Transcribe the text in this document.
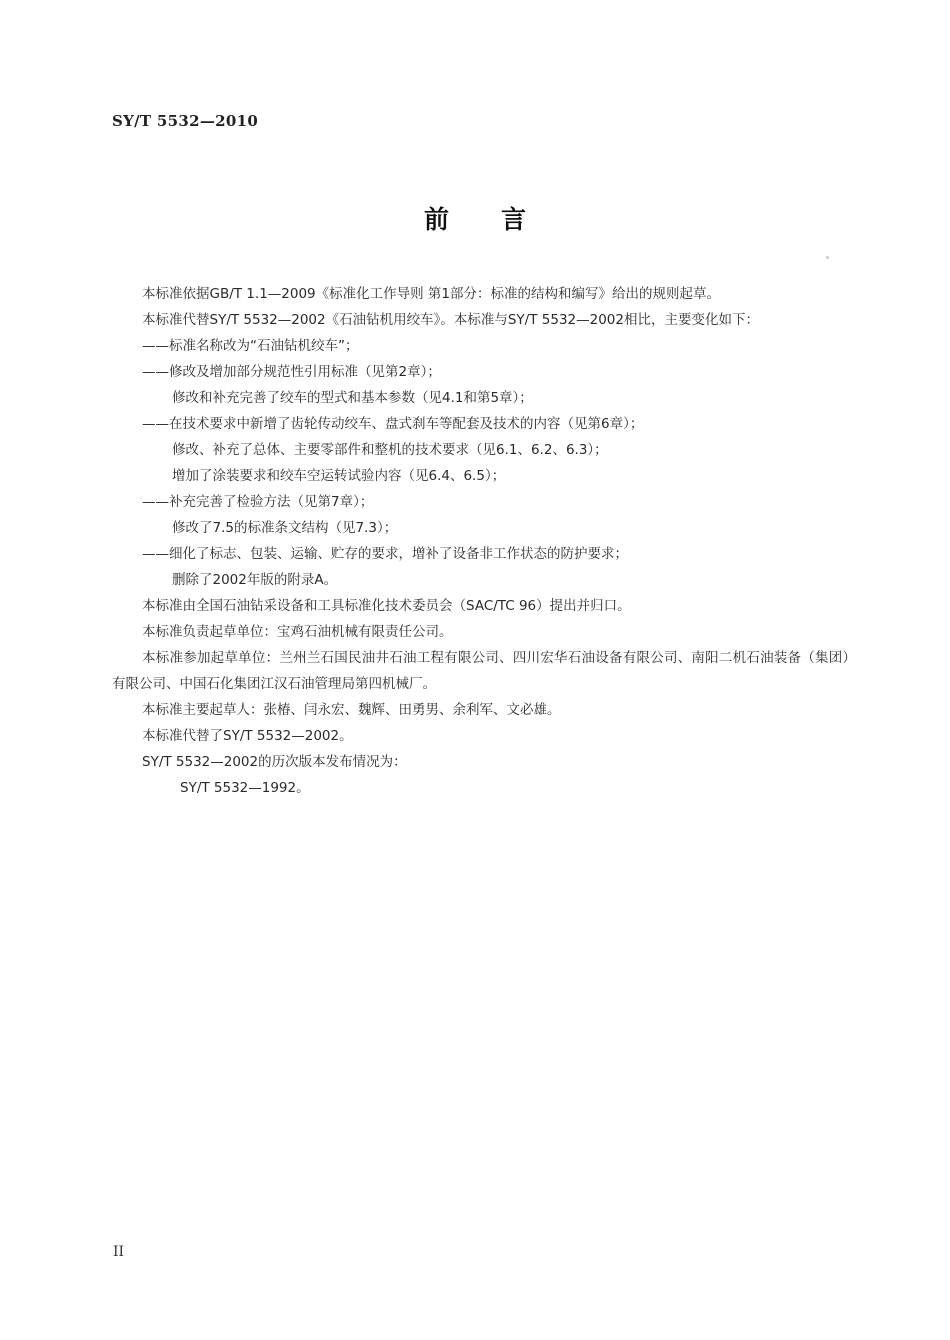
SY/T 5532—2010
前言

本标准依据GB/T 1.1—2009《标准化工作导则 第1部分：标准的结构和编写》给出的规则起草。

本标准代替SY/T 5532—2002《石油钻机用绞车》。本标准与SY/T 5532—2002相比，主要变化如下：

——标准名称改为“石油钻机绞车”；

——修改及增加部分规范性引用标准（见第2章）；

修改和补充完善了绞车的型式和基本参数（见4.1和第5章）；

——在技术要求中新增了齿轮传动绞车、盘式刹车等配套及技术的内容（见第6章）；

修改、补充了总体、主要零部件和整机的技术要求（见6.1、6.2、6.3）；

增加了涂装要求和绞车空运转试验内容（见6.4、6.5）；

——补充完善了检验方法（见第7章）；

修改了7.5的标准条文结构（见7.3）；

——细化了标志、包装、运输、贮存的要求，增补了设备非工作状态的防护要求；

删除了2002年版的附录A。

本标准由全国石油钻采设备和工具标准化技术委员会（SAC/TC 96）提出并归口。

本标准负责起草单位：宝鸡石油机械有限责任公司。

本标准参加起草单位：兰州兰石国民油井石油工程有限公司、四川宏华石油设备有限公司、南阳二机石油装备（集团）有限公司、中国石化集团江汉石油管理局第四机械厂。

本标准主要起草人：张椿、闫永宏、魏辉、田勇男、余利军、文必雄。

本标准代替了SY/T 5532—2002。

SY/T 5532—2002的历次版本发布情况为：

SY/T 5532—1992。

II
